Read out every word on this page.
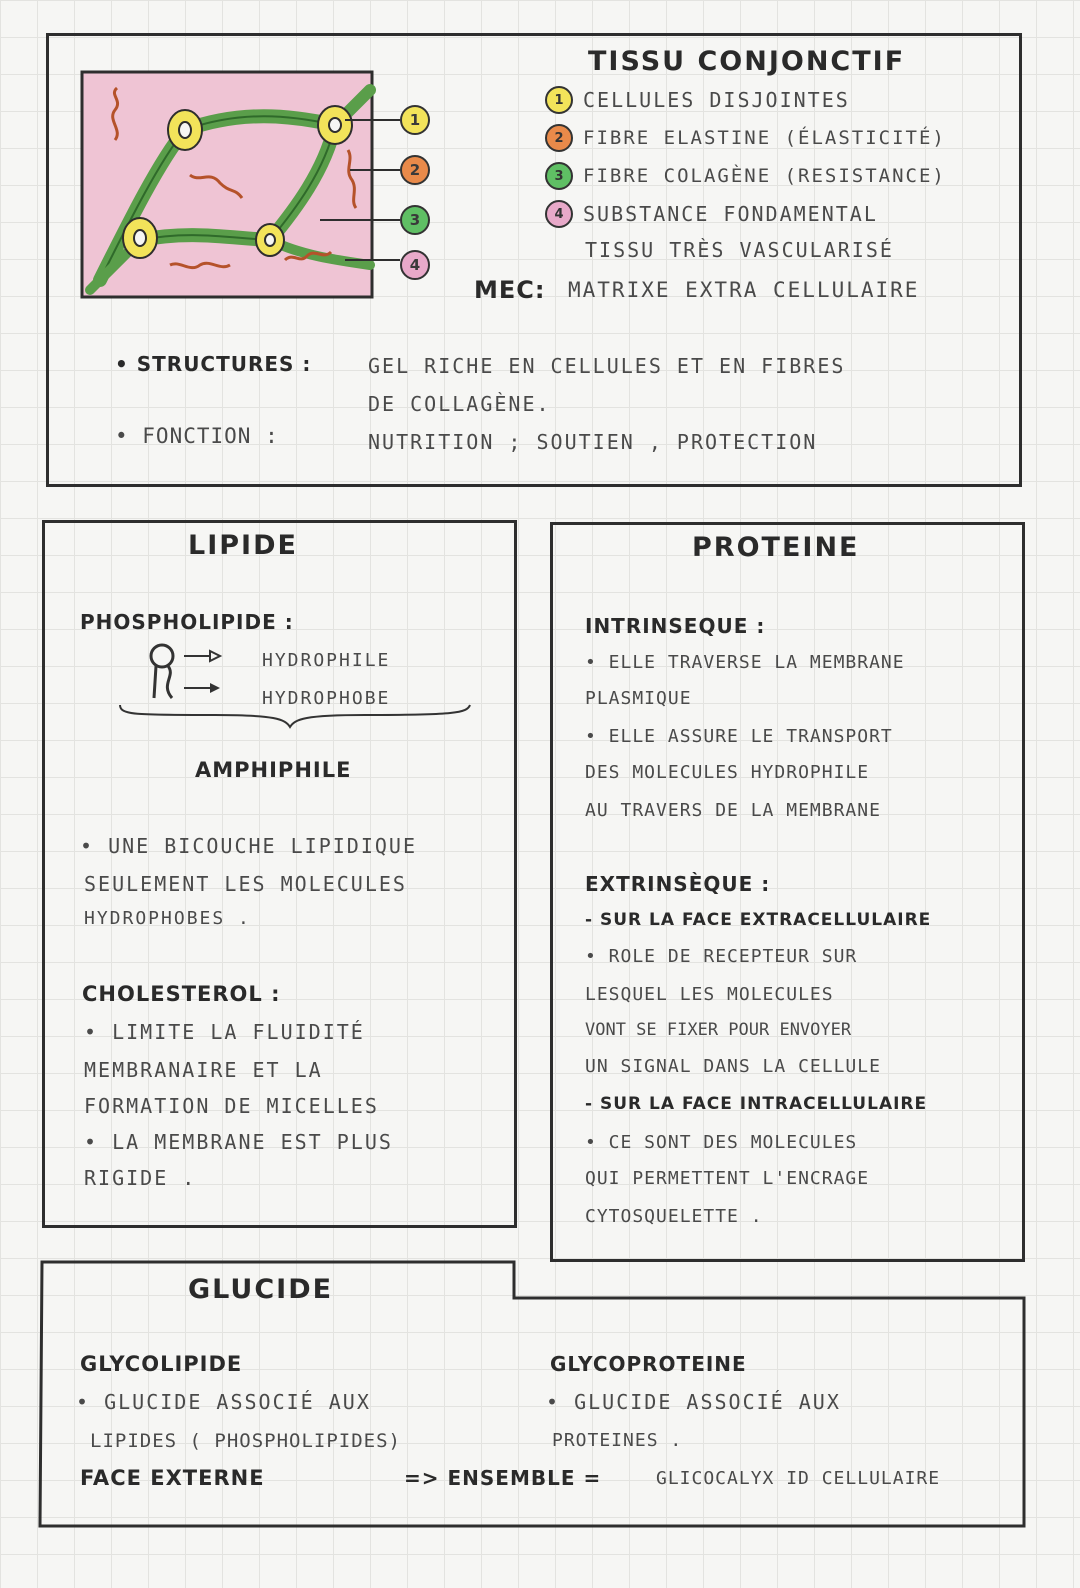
1
2
3
4
TISSU CONJONCTIF
1 CELLULES DISJOINTES
2	FIBRE ELASTINE (ÉLASTICITÉ)
3	FIBRE COLAGÈNE (RESISTANCE)
4 SUBSTANCE FONDAMENTAL
TISSU TRÈS VASCULARISÉ
MEC: MATRIXE EXTRA CELLULAIRE
• STRUCTURES :	GEL RICHE EN CELLULES ET EN FIBRES
DE COLLAGÈNE.
• FONCTION :	NUTRITION ; SOUTIEN , PROTECTION
LIPIDE
PHOSPHOLIPIDE :
HYDROPHILE
HYDROPHOBE
AMPHIPHILE
• UNE BICOUCHE LIPIDIQUE
SEULEMENT LES MOLECULES
HYDROPHOBES .
CHOLESTEROL :
• LIMITE LA FLUIDITÉ
MEMBRANAIRE ET LA
FORMATION DE MICELLES
• LA MEMBRANE EST PLUS
RIGIDE .
PROTEINE
INTRINSEQUE :
• ELLE TRAVERSE LA MEMBRANE
PLASMIQUE
• ELLE ASSURE LE TRANSPORT
DES MOLECULES HYDROPHILE
AU TRAVERS DE LA MEMBRANE
EXTRINSÈQUE :
- SUR LA FACE EXTRACELLULAIRE
• ROLE DE RECEPTEUR SUR
LESQUEL LES MOLECULES
VONT SE FIXER POUR ENVOYER
UN SIGNAL DANS LA CELLULE
- SUR LA FACE INTRACELLULAIRE
• CE SONT DES MOLECULES
QUI PERMETTENT L'ENCRAGE
CYTOSQUELETTE .
GLUCIDE
GLYCOLIPIDE
• GLUCIDE ASSOCIÉ AUX
LIPIDES ( PHOSPHOLIPIDES)
GLYCOPROTEINE
• GLUCIDE ASSOCIÉ AUX
PROTEINES .
FACE EXTERNE	=> ENSEMBLE =	GLICOCALYX ID CELLULAIRE
